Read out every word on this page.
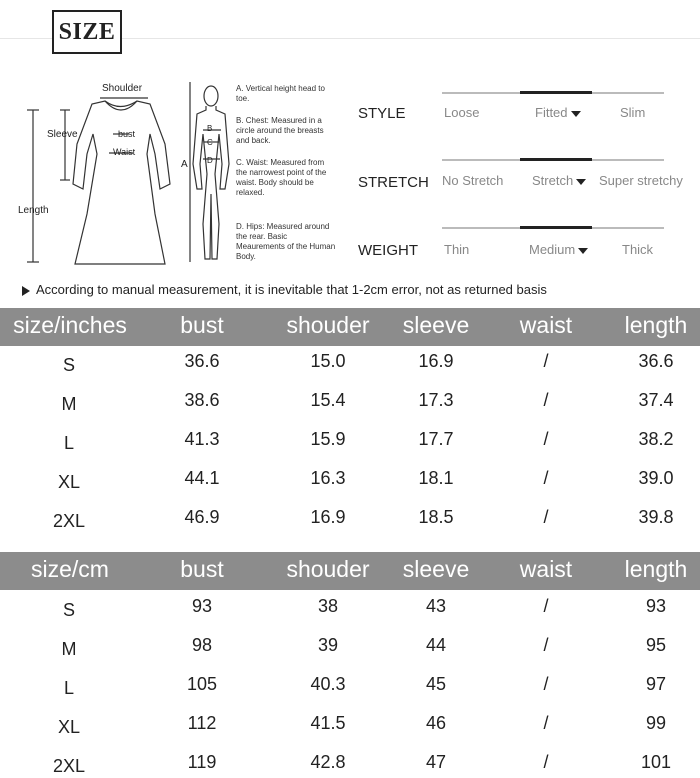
SIZE
Shoulder
Sleeve
Length
bust
Waist
A
B
C
D
A. Vertical height head to toe.
B. Chest: Measured in a circle around the breasts and back.
C. Waist: Measured from the narrowest point of the waist. Body should be relaxed.
D. Hips: Measured around the rear. Basic Meaurements of the Human Body.
STYLE	Loose	Fitted	Slim
STRETCH No Stretch Stretch	Super stretchy
WEIGHT Thin	Medium	Thick
According to manual measurement, it is inevitable that 1-2cm error, not as returned basis
size/inches	bust	shouder	sleeve	waist	length
S	36.6	15.0	16.9	/	36.6
M	38.6	15.4	17.3	/	37.4
L	41.3	15.9	17.7	/	38.2
XL	44.1	16.3	18.1	/	39.0
2XL	46.9	16.9	18.5	/	39.8
size/cm	bust	shouder	sleeve	waist	length
S	93	38	43	/	93
M	98	39	44	/	95
L	105	40.3	45	/	97
XL	112	41.5	46	/	99
2XL	119	42.8	47	/	101
